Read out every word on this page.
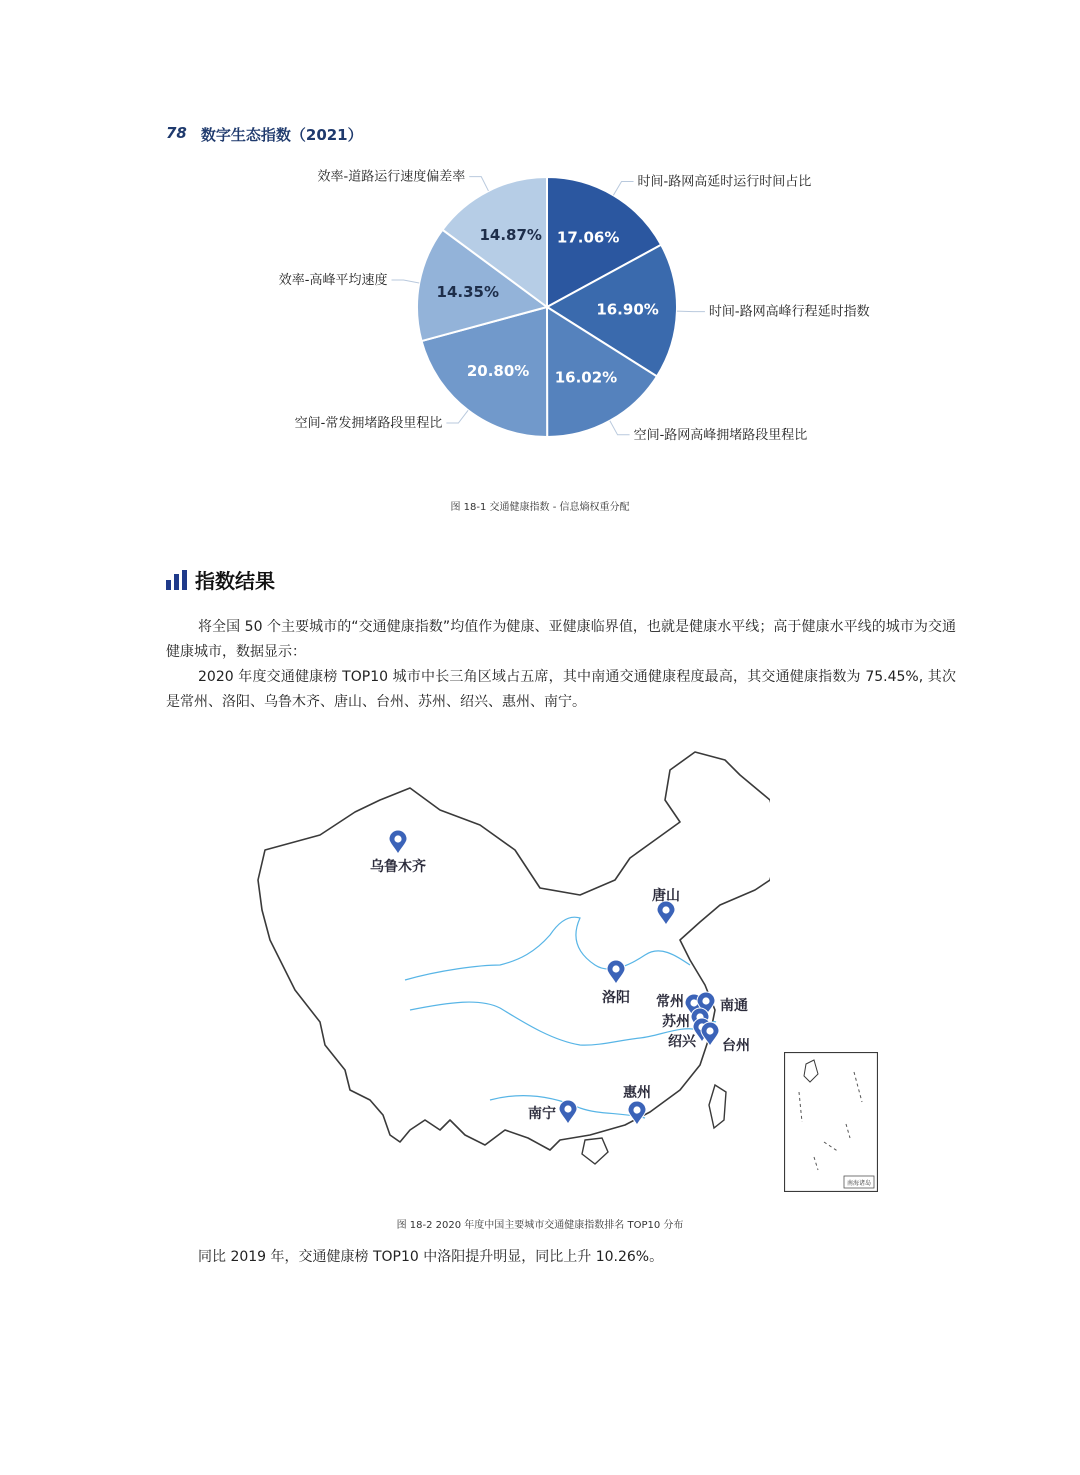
78 数字生态指数（2021）
17.06%
时间-路网高延时运行时间占比
16.90%	时间-路网高峰行程延时指数
16.02%
空间-路网高峰拥堵路段里程比
20.80%
空间-常发拥堵路段里程比
14.35%
效率-高峰平均速度
14.87%
效率-道路运行速度偏差率
图 18-1 交通健康指数 - 信息熵权重分配
指数结果

将全国 50 个主要城市的“交通健康指数”均值作为健康、亚健康临界值，也就是健康水平线；高于健康水平线的城市为交通健康城市，数据显示：

2020 年度交通健康榜 TOP10 城市中长三角区域占五席，其中南通交通健康程度最高，其交通健康指数为 75.45%, 其次是常州、洛阳、乌鲁木齐、唐山、台州、苏州、绍兴、惠州、南宁。

乌鲁木齐
唐山
洛阳 常州	南通
苏州
绍兴 台州
惠州
南宁
南海诸岛
图 18-2 2020 年度中国主要城市交通健康指数排名 TOP10 分布
同比 2019 年，交通健康榜 TOP10 中洛阳提升明显，同比上升 10.26%。
